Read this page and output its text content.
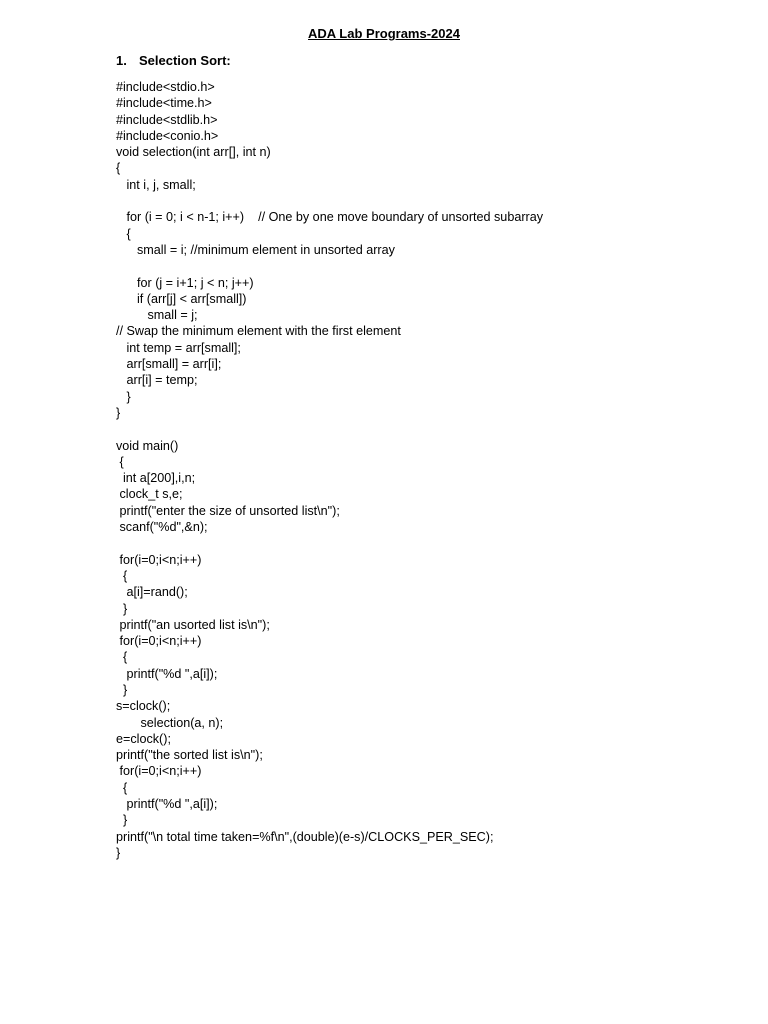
ADA Lab Programs-2024
1. Selection Sort:
#include<stdio.h>
#include<time.h>
#include<stdlib.h>
#include<conio.h>
void selection(int arr[], int n)
{
int i, j, small;
for (i = 0; i < n-1; i++)    // One by one move boundary of unsorted subarray
{
small = i; //minimum element in unsorted array
for (j = i+1; j < n; j++)
if (arr[j] < arr[small])
small = j;
// Swap the minimum element with the first element
int temp = arr[small];
arr[small] = arr[i];
arr[i] = temp;
}
}
void main()
{
int a[200],i,n;
clock_t s,e;
printf("enter the size of unsorted list\n");
scanf("%d",&n);
for(i=0;i<n;i++)
{
a[i]=rand();
}
printf("an usorted list is\n");
for(i=0;i<n;i++)
{
printf("%d ",a[i]);
}
s=clock();
selection(a, n);
e=clock();
printf("the sorted list is\n");
for(i=0;i<n;i++)
{
printf("%d ",a[i]);
}
printf("\n total time taken=%f\n",(double)(e-s)/CLOCKS_PER_SEC);
}
